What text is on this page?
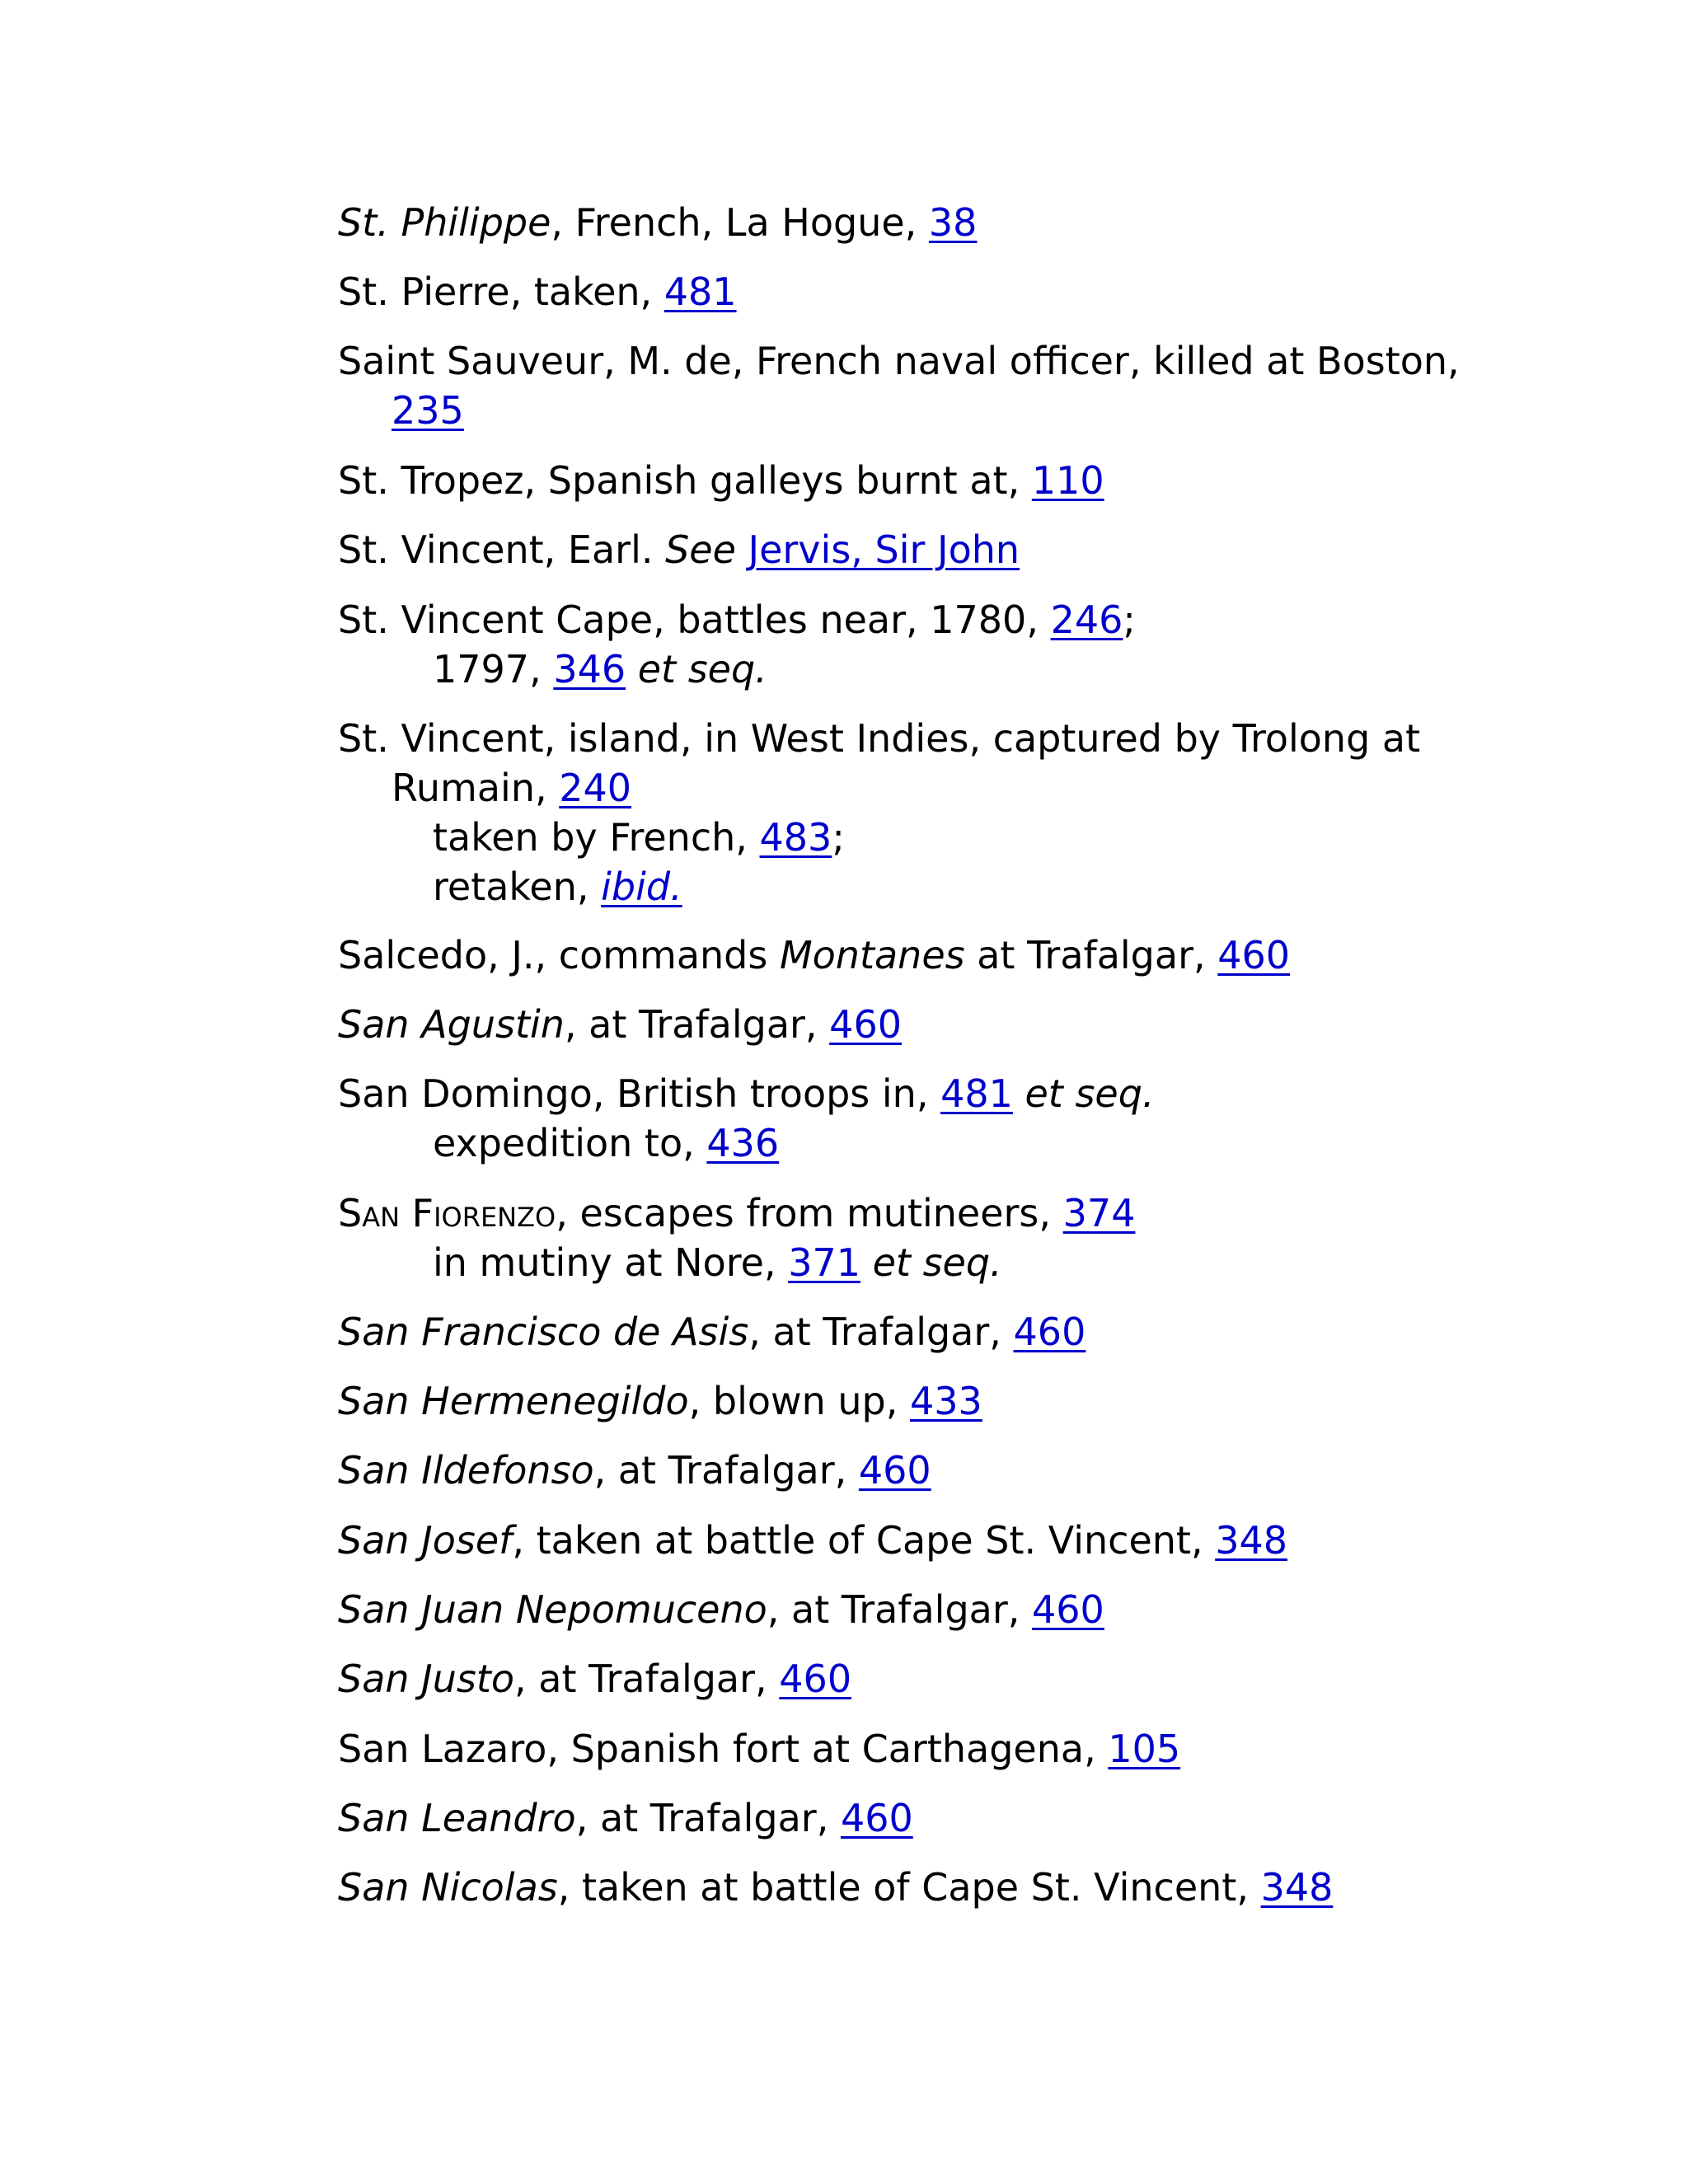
St. Philippe, French, La Hogue, 38
St. Pierre, taken, 481
Saint Sauveur, M. de, French naval officer, killed at Boston,
235
St. Tropez, Spanish galleys burnt at, 110
St. Vincent, Earl. See Jervis, Sir John
St. Vincent Cape, battles near, 1780, 246;
1797, 346 et seq.
St. Vincent, island, in West Indies, captured by Trolong at
Rumain, 240
taken by French, 483;
retaken, ibid.
Salcedo, J., commands Montanes at Trafalgar, 460
San Agustin, at Trafalgar, 460
San Domingo, British troops in, 481 et seq.
expedition to, 436
San Fiorenzo, escapes from mutineers, 374
in mutiny at Nore, 371 et seq.
San Francisco de Asis, at Trafalgar, 460
San Hermenegildo, blown up, 433
San Ildefonso, at Trafalgar, 460
San Josef, taken at battle of Cape St. Vincent, 348
San Juan Nepomuceno, at Trafalgar, 460
San Justo, at Trafalgar, 460
San Lazaro, Spanish fort at Carthagena, 105
San Leandro, at Trafalgar, 460
San Nicolas, taken at battle of Cape St. Vincent, 348
